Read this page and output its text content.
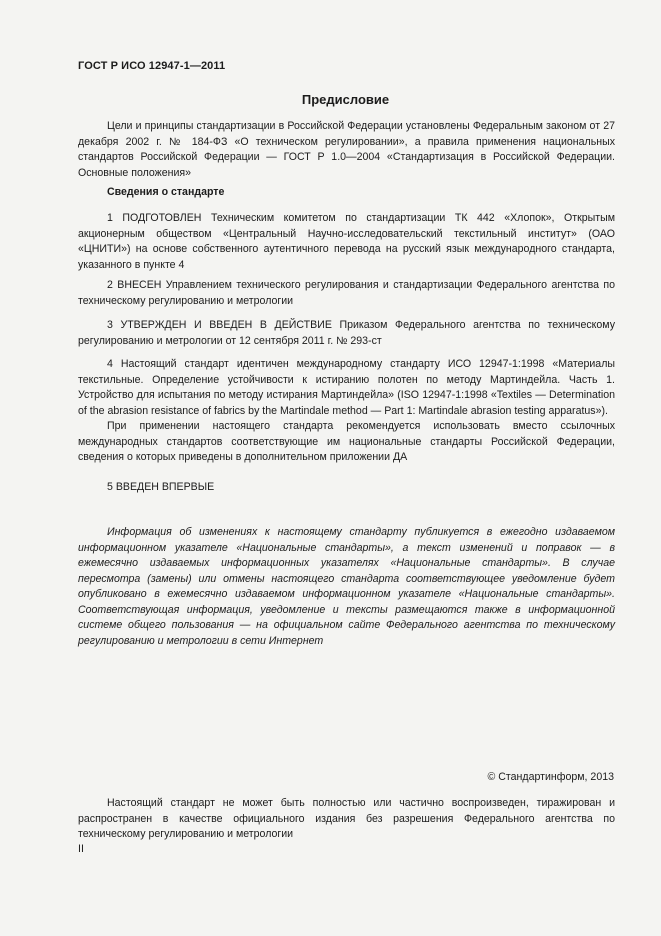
ГОСТ Р ИСО 12947-1—2011
Предисловие

Цели и принципы стандартизации в Российской Федерации установлены Федеральным законом от 27 декабря 2002 г. № 184-ФЗ «О техническом регулировании», а правила применения национальных стандартов Российской Федерации — ГОСТ Р 1.0—2004 «Стандартизация в Российской Федерации. Основные положения»

Сведения о стандарте

1 ПОДГОТОВЛЕН Техническим комитетом по стандартизации ТК 442 «Хлопок», Открытым акционерным обществом «Центральный Научно-исследовательский текстильный институт» (ОАО «ЦНИТИ») на основе собственного аутентичного перевода на русский язык международного стандарта, указанного в пункте 4

2 ВНЕСЕН Управлением технического регулирования и стандартизации Федерального агентства по техническому регулированию и метрологии

3 УТВЕРЖДЕН И ВВЕДЕН В ДЕЙСТВИЕ Приказом Федерального агентства по техническому регулированию и метрологии от 12 сентября 2011 г. № 293-ст

4 Настоящий стандарт идентичен международному стандарту ИСО 12947-1:1998 «Материалы текстильные. Определение устойчивости к истиранию полотен по методу Мартиндейла. Часть 1. Устройство для испытания по методу истирания Мартиндейла» (ISO 12947-1:1998 «Textiles — Determination of the abrasion resistance of fabrics by the Martindale method — Part 1: Martindale abrasion testing apparatus»).

При применении настоящего стандарта рекомендуется использовать вместо ссылочных международных стандартов соответствующие им национальные стандарты Российской Федерации, сведения о которых приведены в дополнительном приложении ДА

5 ВВЕДЕН ВПЕРВЫЕ

Информация об изменениях к настоящему стандарту публикуется в ежегодно издаваемом информационном указателе «Национальные стандарты», а текст изменений и поправок — в ежемесячно издаваемых информационных указателях «Национальные стандарты». В случае пересмотра (замены) или отмены настоящего стандарта соответствующее уведомление будет опубликовано в ежемесячно издаваемом информационном указателе «Национальные стандарты». Соответствующая информация, уведомление и тексты размещаются также в информационной системе общего пользования — на официальном сайте Федерального агентства по техническому регулированию и метрологии в сети Интернет

© Стандартинформ, 2013

Настоящий стандарт не может быть полностью или частично воспроизведен, тиражирован и распространен в качестве официального издания без разрешения Федерального агентства по техническому регулированию и метрологии

II
